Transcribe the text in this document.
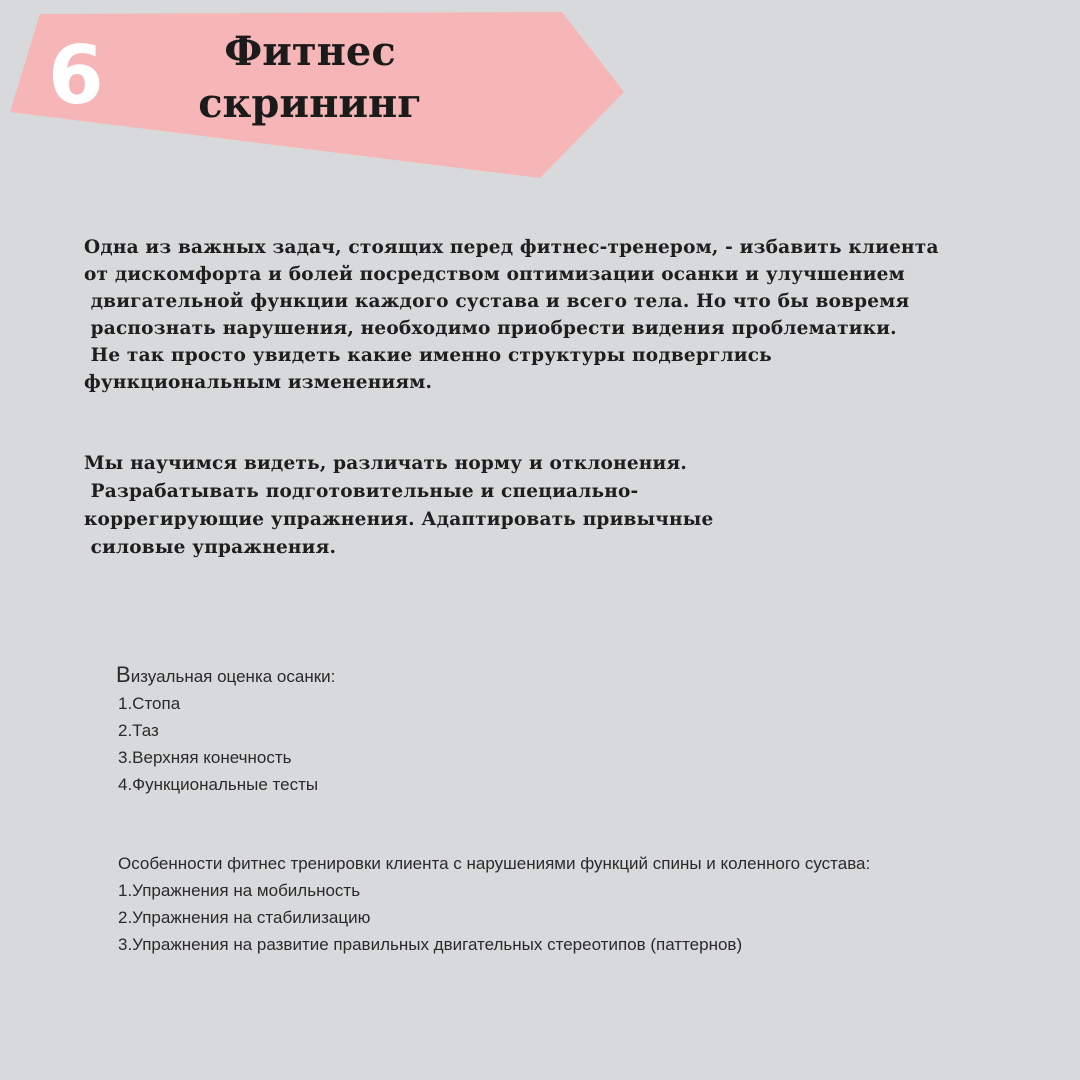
6	Фитнес
скрининг
Одна из важных задач, стоящих перед фитнес-тренером, - избавить клиента
от дискомфорта и болей посредством оптимизации осанки и улучшением
двигательной функции каждого сустава и всего тела. Но что бы вовремя
распознать нарушения, необходимо приобрести видения проблематики.
Не так просто увидеть какие именно структуры подверглись
функциональным изменениям.
Мы научимся видеть, различать норму и отклонения.
Разрабатывать подготовительные и специально-
коррегирующие упражнения. Адаптировать привычные
силовые упражнения.
Визуальная оценка осанки:
1.Стопа
2.Таз
3.Верхняя конечность
4.Функциональные тесты
Особенности фитнес тренировки клиента с нарушениями функций спины и коленного сустава:
1.Упражнения на мобильность
2.Упражнения на стабилизацию
3.Упражнения на развитие правильных двигательных стереотипов (паттернов)
